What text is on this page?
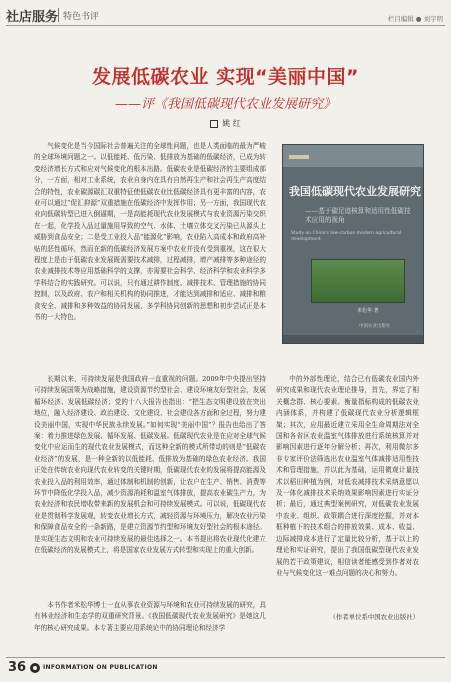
社店服务 特色书评	栏目编辑 ● 刘宇明
发展低碳农业 实现“美丽中国”
——评《我国低碳现代农业发展研究》
姚 红

气候变化是当今国际社会普遍关注的全球性问题，也是人类面临的最为严峻的全球环境问题之一。以低能耗、低污染、低排放为基础的低碳经济，已成为转变经济增长方式和应对气候变化的根本出路。低碳农业是低碳经济的主要组成部分，一方面，相对工业系统，农业自身内在具有自然再生产和社会再生产高度结合的特性，农业碳源碳汇双重特征使低碳农业比低碳经济具有更丰富的内容，农业可以通过“促汇抑源”双重措施在低碳经济中发挥作用；另一方面，我国现代农业向低碳转型已进入倒逼期，一是高能耗现代农业发展模式与农业资源污染交织在一起，化学投入品过量施用导致的空气、水体、土壤立体交叉污染已从源头上威胁到食品安全；二是受工业投入品“能源化”影响，农业陷入高成本和政府高补贴的恶性循环，然而在新的低碳经济发展方案中农业并没有受到重视，这在很大程度上是由于低碳农业发展既需要技术减排，过程减排，增产减排等多种途径的农业减排技术等应用基础科学的支撑，亦需要社会科学、经济科学和农业科学多学科结合的实践研究。可以说，只有通过耕作制度、减排技术、管理措施的协同控制，以及政府、农户和相关机构的协同推进，才能达到减排和适应、减排和粮食安全、减排和多种效益的协同发展，多学科协同创新的思想和初步尝试正是本书的一大特色。

我国低碳现代农业发展研究
——基于碳足迹核算和适用性低碳技术应用的视角
Study on China's low-carbon modern agricultural development
米松华 著
中国农业出版社

长期以来，可持续发展是我国政府一直重视的问题。2009年中央提出坚持可持续发展国策为战略措施，建设资源节约型社会、建设环境友好型社会，发展循环经济、发展低碳经济；党的十八大报告也指出：“把生态文明建设放在突出地位，融入经济建设、政治建设、文化建设、社会建设各方面和全过程，努力建设美丽中国，实现中华民族永续发展。”如何实现“美丽中国”？报告也给出了答案：着力推进绿色发展、循环发展、低碳发展。低碳现代农业是在应对全球气候变化中应运而生的现代农业发展模式，而这种全新的模式所带动的则是“低碳农业经济”的发展，是一种全新的以低能耗、低排放为基础的绿色农业经济。我国正处在传统农业向现代农业转变的关键时期，低碳现代农业的发展将提高能源及农业投入品的利用效率，通过体制和机制的创新，让农户在生产、销售、消费等环节中降低化学投入品，减少资源消耗和温室气体排放，提高农业碳生产力，为农业经济和农民增收带来新的发展机会和可持续发展模式。可以说，低碳现代农业是贯彻科学发展观，转变农业增长方式，减轻资源与环境压力，解决农业污染和保障食品安全的一条新路，是建立资源节约型和环境友好型社会的根本途径。是实现生态文明和农业可持续发展的最佳选择之一。本书提出将农业现代化建立在低碳经济的发展模式上，将是国家农业发展方式转型和实现上的重大创新。

本书作者米松华博士一直从事农业资源与环境和农业可持续发展的研究，具有林业经济和生态学的双重研究背景。《我国低碳现代农业发展研究》是她这几年的核心研究成果。本专著主要应用系统论中的协同理论和经济学

中的外部性理论，结合已有低碳农业国内外研究成果和现代农业理论推导，首先，界定了相关概念群、核心要素、衡量指标构成的低碳农业内涵体系，并构建了低碳现代农业分析逻辑框架；其次，应用最近建立采用全生命周期法对全国和各省区农业温室气体排放进行系统核算并对影响因素进行逐年分解分析；再次，利用微尔多非专家评价法筛选出农业温室气体减排适用性技术和管理措施，并以此为基础，运用微观计量技术以稻田种植为例，对低农减排技术采纳意愿以及一体化减排技术采纳效果影响因素进行实证分析；最后，通过典型案例研究，对低碳农业发展中农业、组织、政策耦合进行深度挖掘，并对本框种植下的技术组合的排放效果、成本、收益、边际减排成本进行了定量比较分析，基于以上的理论和实证研究，提出了我国低碳型现代农业发展的若干政策建议，相信读者能感受到作者对农业与气候变化这一难点问题的决心和努力。

（作者单位系中国农业出版社）
36	INFORMATION ON PUBLICATION
